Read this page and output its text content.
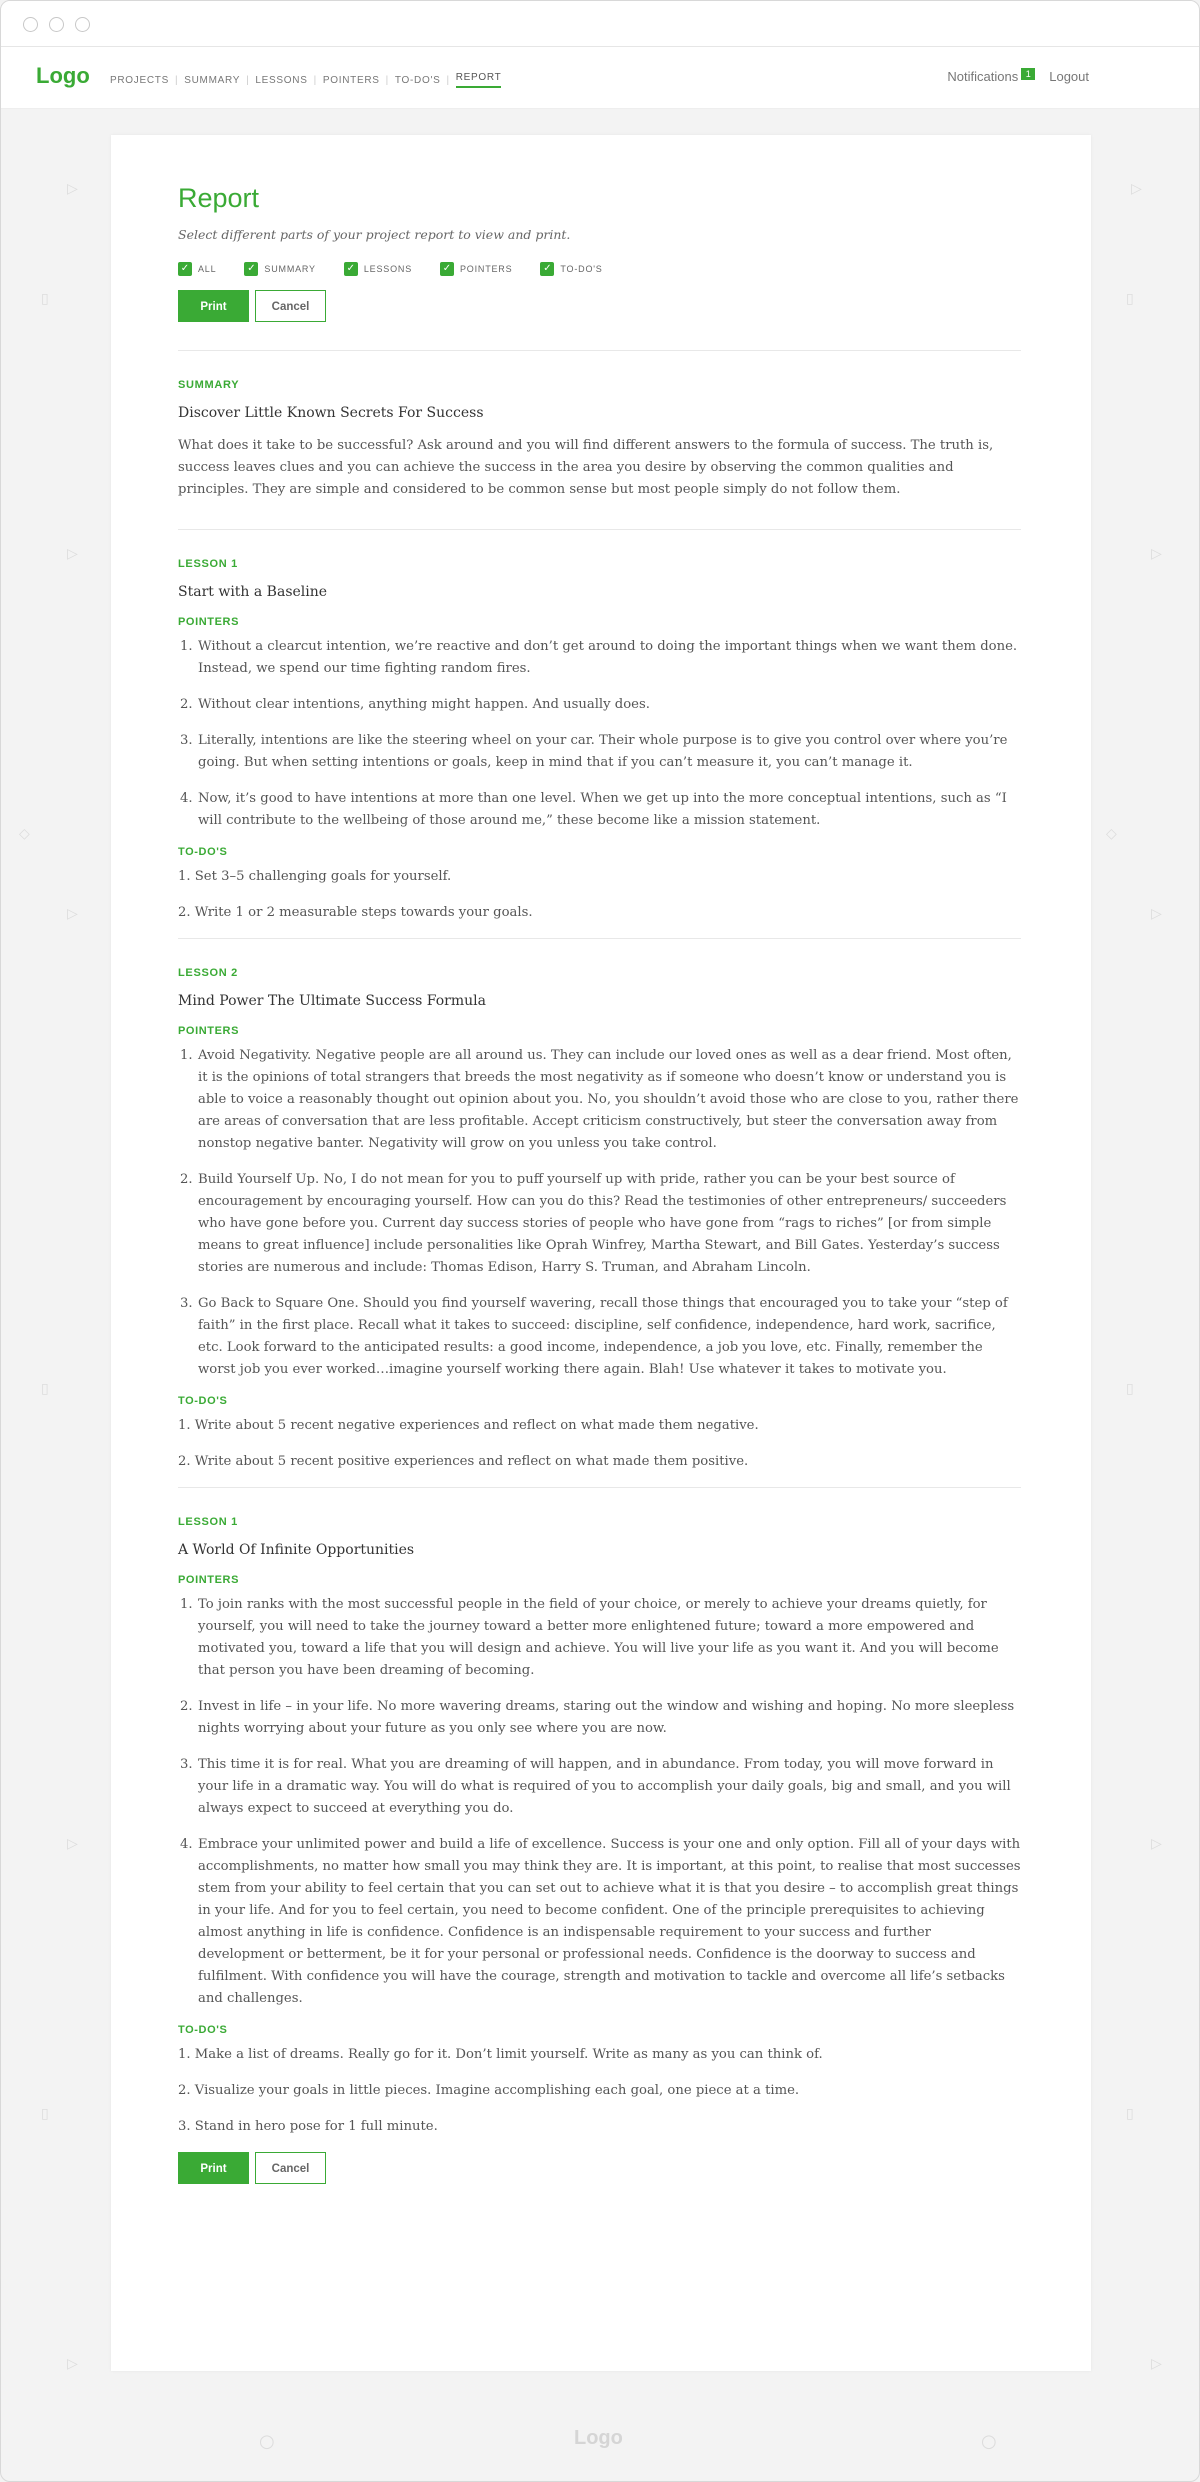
Logo PROJECTS | SUMMARY | LESSONS | POINTERS | TO-DO'S | REPORT	Notifications 1	Logout
▷	▷
▯	▯
▷	▷
◇	◇
▷	▷
▯	▯
▷	▷
▯	▯
▷	▷
○	○
Report
Select different parts of your project report to view and print.
✓ ALL	✓ SUMMARY	✓ LESSONS	✓ POINTERS	✓ TO-DO'S
Print	Cancel
SUMMARY
Discover Little Known Secrets For Success
What does it take to be successful? Ask around and you will find different answers to the formula of success. The truth is, success leaves clues and you can achieve the success in the area you desire by observing the common qualities and principles. They are simple and considered to be common sense but most people simply do not follow them.
LESSON 1
Start with a Baseline
POINTERS
1. Without a clearcut intention, we’re reactive and don’t get around to doing the important things when we want them done. Instead, we spend our time fighting random fires.
2. Without clear intentions, anything might happen. And usually does.
3. Literally, intentions are like the steering wheel on your car. Their whole purpose is to give you control over where you’re going. But when setting intentions or goals, keep in mind that if you can’t measure it, you can’t manage it.
4. Now, it’s good to have intentions at more than one level. When we get up into the more conceptual intentions, such as “I will contribute to the wellbeing of those around me,” these become like a mission statement.
TO-DO'S
1. Set 3–5 challenging goals for yourself.
2. Write 1 or 2 measurable steps towards your goals.
LESSON 2
Mind Power The Ultimate Success Formula
POINTERS
1. Avoid Negativity. Negative people are all around us. They can include our loved ones as well as a dear friend. Most often, it is the opinions of total strangers that breeds the most negativity as if someone who doesn’t know or understand you is able to voice a reasonably thought out opinion about you. No, you shouldn’t avoid those who are close to you, rather there are areas of conversation that are less profitable. Accept criticism constructively, but steer the conversation away from nonstop negative banter. Negativity will grow on you unless you take control.
2. Build Yourself Up. No, I do not mean for you to puff yourself up with pride, rather you can be your best source of encouragement by encouraging yourself. How can you do this? Read the testimonies of other entrepreneurs/ succeeders who have gone before you. Current day success stories of people who have gone from “rags to riches” [or from simple means to great influence] include personalities like Oprah Winfrey, Martha Stewart, and Bill Gates. Yesterday’s success stories are numerous and include: Thomas Edison, Harry S. Truman, and Abraham Lincoln.
3. Go Back to Square One. Should you find yourself wavering, recall those things that encouraged you to take your “step of faith” in the first place. Recall what it takes to succeed: discipline, self confidence, independence, hard work, sacrifice, etc. Look forward to the anticipated results: a good income, independence, a job you love, etc. Finally, remember the worst job you ever worked…imagine yourself working there again. Blah! Use whatever it takes to motivate you.
TO-DO'S
1. Write about 5 recent negative experiences and reflect on what made them negative.
2. Write about 5 recent positive experiences and reflect on what made them positive.
LESSON 1
A World Of Infinite Opportunities
POINTERS
1. To join ranks with the most successful people in the field of your choice, or merely to achieve your dreams quietly, for yourself, you will need to take the journey toward a better more enlightened future; toward a more empowered and motivated you, toward a life that you will design and achieve. You will live your life as you want it. And you will become that person you have been dreaming of becoming.
2. Invest in life – in your life. No more wavering dreams, staring out the window and wishing and hoping. No more sleepless nights worrying about your future as you only see where you are now.
3. This time it is for real. What you are dreaming of will happen, and in abundance. From today, you will move forward in your life in a dramatic way. You will do what is required of you to accomplish your daily goals, big and small, and you will always expect to succeed at everything you do.
4. Embrace your unlimited power and build a life of excellence. Success is your one and only option. Fill all of your days with accomplishments, no matter how small you may think they are. It is important, at this point, to realise that most successes stem from your ability to feel certain that you can set out to achieve what it is that you desire – to accomplish great things in your life. And for you to feel certain, you need to become confident. One of the principle prerequisites to achieving almost anything in life is confidence. Confidence is an indispensable requirement to your success and further development or betterment, be it for your personal or professional needs. Confidence is the doorway to success and fulfilment. With confidence you will have the courage, strength and motivation to tackle and overcome all life’s setbacks and challenges.
TO-DO'S
1. Make a list of dreams. Really go for it. Don’t limit yourself. Write as many as you can think of.
2. Visualize your goals in little pieces. Imagine accomplishing each goal, one piece at a time.
3. Stand in hero pose for 1 full minute.
Print	Cancel
Logo
